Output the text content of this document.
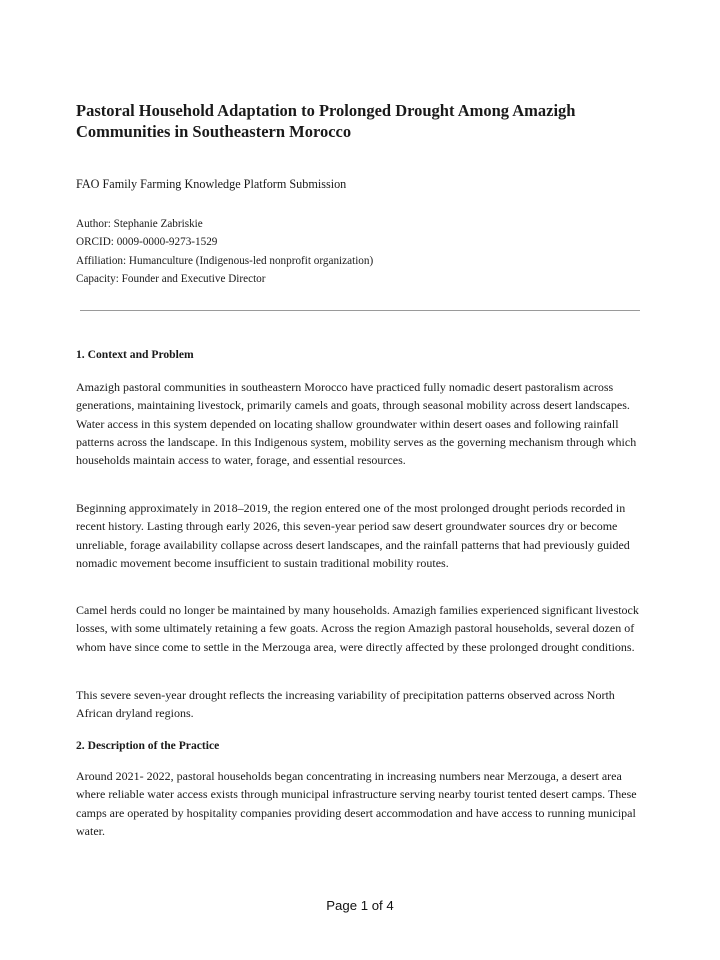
Pastoral Household Adaptation to Prolonged Drought Among Amazigh Communities in Southeastern Morocco

FAO Family Farming Knowledge Platform Submission

Author: Stephanie Zabriskie
ORCID: 0009-0000-9273-1529
Affiliation: Humanculture (Indigenous-led nonprofit organization)
Capacity: Founder and Executive Director
1. Context and Problem

Amazigh pastoral communities in southeastern Morocco have practiced fully nomadic desert pastoralism across generations, maintaining livestock, primarily camels and goats, through seasonal mobility across desert landscapes. Water access in this system depended on locating shallow groundwater within desert oases and following rainfall patterns across the landscape. In this Indigenous system, mobility serves as the governing mechanism through which households maintain access to water, forage, and essential resources.

Beginning approximately in 2018–2019, the region entered one of the most prolonged drought periods recorded in recent history. Lasting through early 2026, this seven-year period saw desert groundwater sources dry or become unreliable, forage availability collapse across desert landscapes, and the rainfall patterns that had previously guided nomadic movement become insufficient to sustain traditional mobility routes.

Camel herds could no longer be maintained by many households. Amazigh families experienced significant livestock losses, with some ultimately retaining a few goats. Across the region Amazigh pastoral households, several dozen of whom have since come to settle in the Merzouga area, were directly affected by these prolonged drought conditions.

This severe seven-year drought reflects the increasing variability of precipitation patterns observed across North African dryland regions.

2. Description of the Practice

Around 2021- 2022, pastoral households began concentrating in increasing numbers near Merzouga, a desert area where reliable water access exists through municipal infrastructure serving nearby tourist tented desert camps. These camps are operated by hospitality companies providing desert accommodation and have access to running municipal water.

Page 1 of 4
